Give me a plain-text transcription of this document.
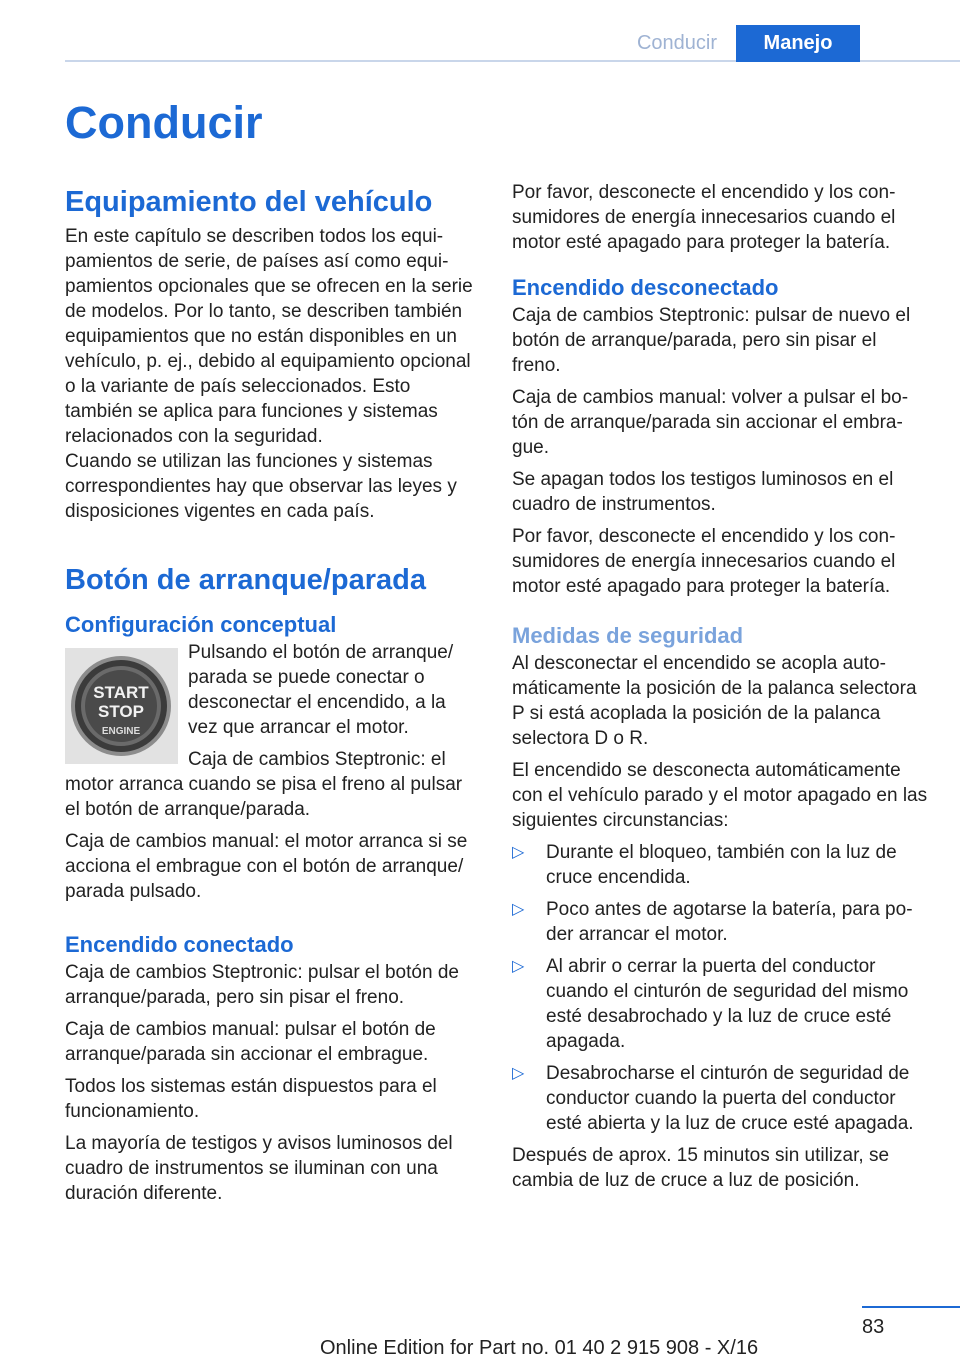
Conducir	Manejo
Conducir
Equipamiento del vehículo

En este capítulo se describen todos los equipamientos de serie, de países así como equipamientos opcionales que se ofrecen en la serie de modelos. Por lo tanto, se describen también equipamientos que no están disponibles en un vehículo, p. ej., debido al equipamiento opcional o la variante de país seleccionados. Esto también se aplica para funciones y sistemas relacionados con la seguridad.

Cuando se utilizan las funciones y sistemas correspondientes hay que observar las leyes y disposiciones vigentes en cada país.

Botón de arranque/parada
Configuración conceptual
START
STOP
ENGINE

Pulsando el botón de arranque/ parada se puede conectar o desconectar el encendido, a la vez que arrancar el motor.

Caja de cambios Steptronic: el motor arranca cuando se pisa el freno al pulsar el botón de arranque/parada.

Caja de cambios manual: el motor arranca si se acciona el embrague con el botón de arranque/ parada pulsado.

Encendido conectado

Caja de cambios Steptronic: pulsar el botón de arranque/parada, pero sin pisar el freno.

Caja de cambios manual: pulsar el botón de arranque/parada sin accionar el embrague.

Todos los sistemas están dispuestos para el funcionamiento.

La mayoría de testigos y avisos luminosos del cuadro de instrumentos se iluminan con una duración diferente.

Por favor, desconecte el encendido y los consumidores de energía innecesarios cuando el motor esté apagado para proteger la batería.

Encendido desconectado

Caja de cambios Steptronic: pulsar de nuevo el botón de arranque/parada, pero sin pisar el freno.

Caja de cambios manual: volver a pulsar el botón de arranque/parada sin accionar el embrague.

Se apagan todos los testigos luminosos en el cuadro de instrumentos.

Por favor, desconecte el encendido y los consumidores de energía innecesarios cuando el motor esté apagado para proteger la batería.

Medidas de seguridad

Al desconectar el encendido se acopla automáticamente la posición de la palanca selectora P si está acoplada la posición de la palanca selectora D o R.

El encendido se desconecta automáticamente con el vehículo parado y el motor apagado en las siguientes circunstancias:

▷ Durante el bloqueo, también con la luz de cruce encendida.
▷ Poco antes de agotarse la batería, para poder arrancar el motor.
▷ Al abrir o cerrar la puerta del conductor cuando el cinturón de seguridad del mismo esté desabrochado y la luz de cruce esté apagada.
▷ Desabrocharse el cinturón de seguridad de conductor cuando la puerta del conductor esté abierta y la luz de cruce esté apagada.

Después de aprox. 15 minutos sin utilizar, se cambia de luz de cruce a luz de posición.

83
Online Edition for Part no. 01 40 2 915 908 - X/16
